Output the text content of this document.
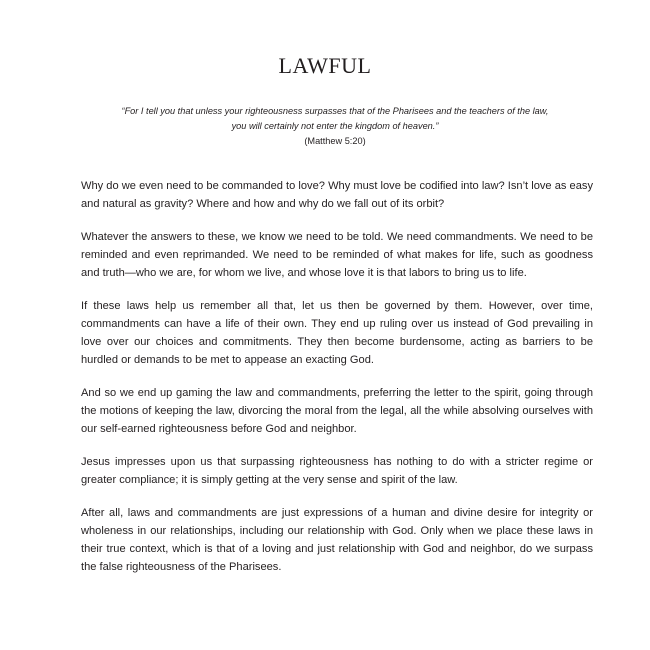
LAWFUL
“For I tell you that unless your righteousness surpasses that of the Pharisees and the teachers of the law,
you will certainly not enter the kingdom of heaven.”
(Matthew 5:20)

Why do we even need to be commanded to love? Why must love be codified into law? Isn’t love as easy and natural as gravity? Where and how and why do we fall out of its orbit?

Whatever the answers to these, we know we need to be told. We need commandments. We need to be reminded and even reprimanded. We need to be reminded of what makes for life, such as goodness and truth—who we are, for whom we live, and whose love it is that labors to bring us to life.

If these laws help us remember all that, let us then be governed by them. However, over time, commandments can have a life of their own. They end up ruling over us instead of God prevailing in love over our choices and commitments. They then become burdensome, acting as barriers to be hurdled or demands to be met to appease an exacting God.

And so we end up gaming the law and commandments, preferring the letter to the spirit, going through the motions of keeping the law, divorcing the moral from the legal, all the while absolving ourselves with our self-earned righteousness before God and neighbor.

Jesus impresses upon us that surpassing righteousness has nothing to do with a stricter regime or greater compliance; it is simply getting at the very sense and spirit of the law.

After all, laws and commandments are just expressions of a human and divine desire for integrity or wholeness in our relationships, including our relationship with God. Only when we place these laws in their true context, which is that of a loving and just relationship with God and neighbor, do we surpass the false righteousness of the Pharisees.
